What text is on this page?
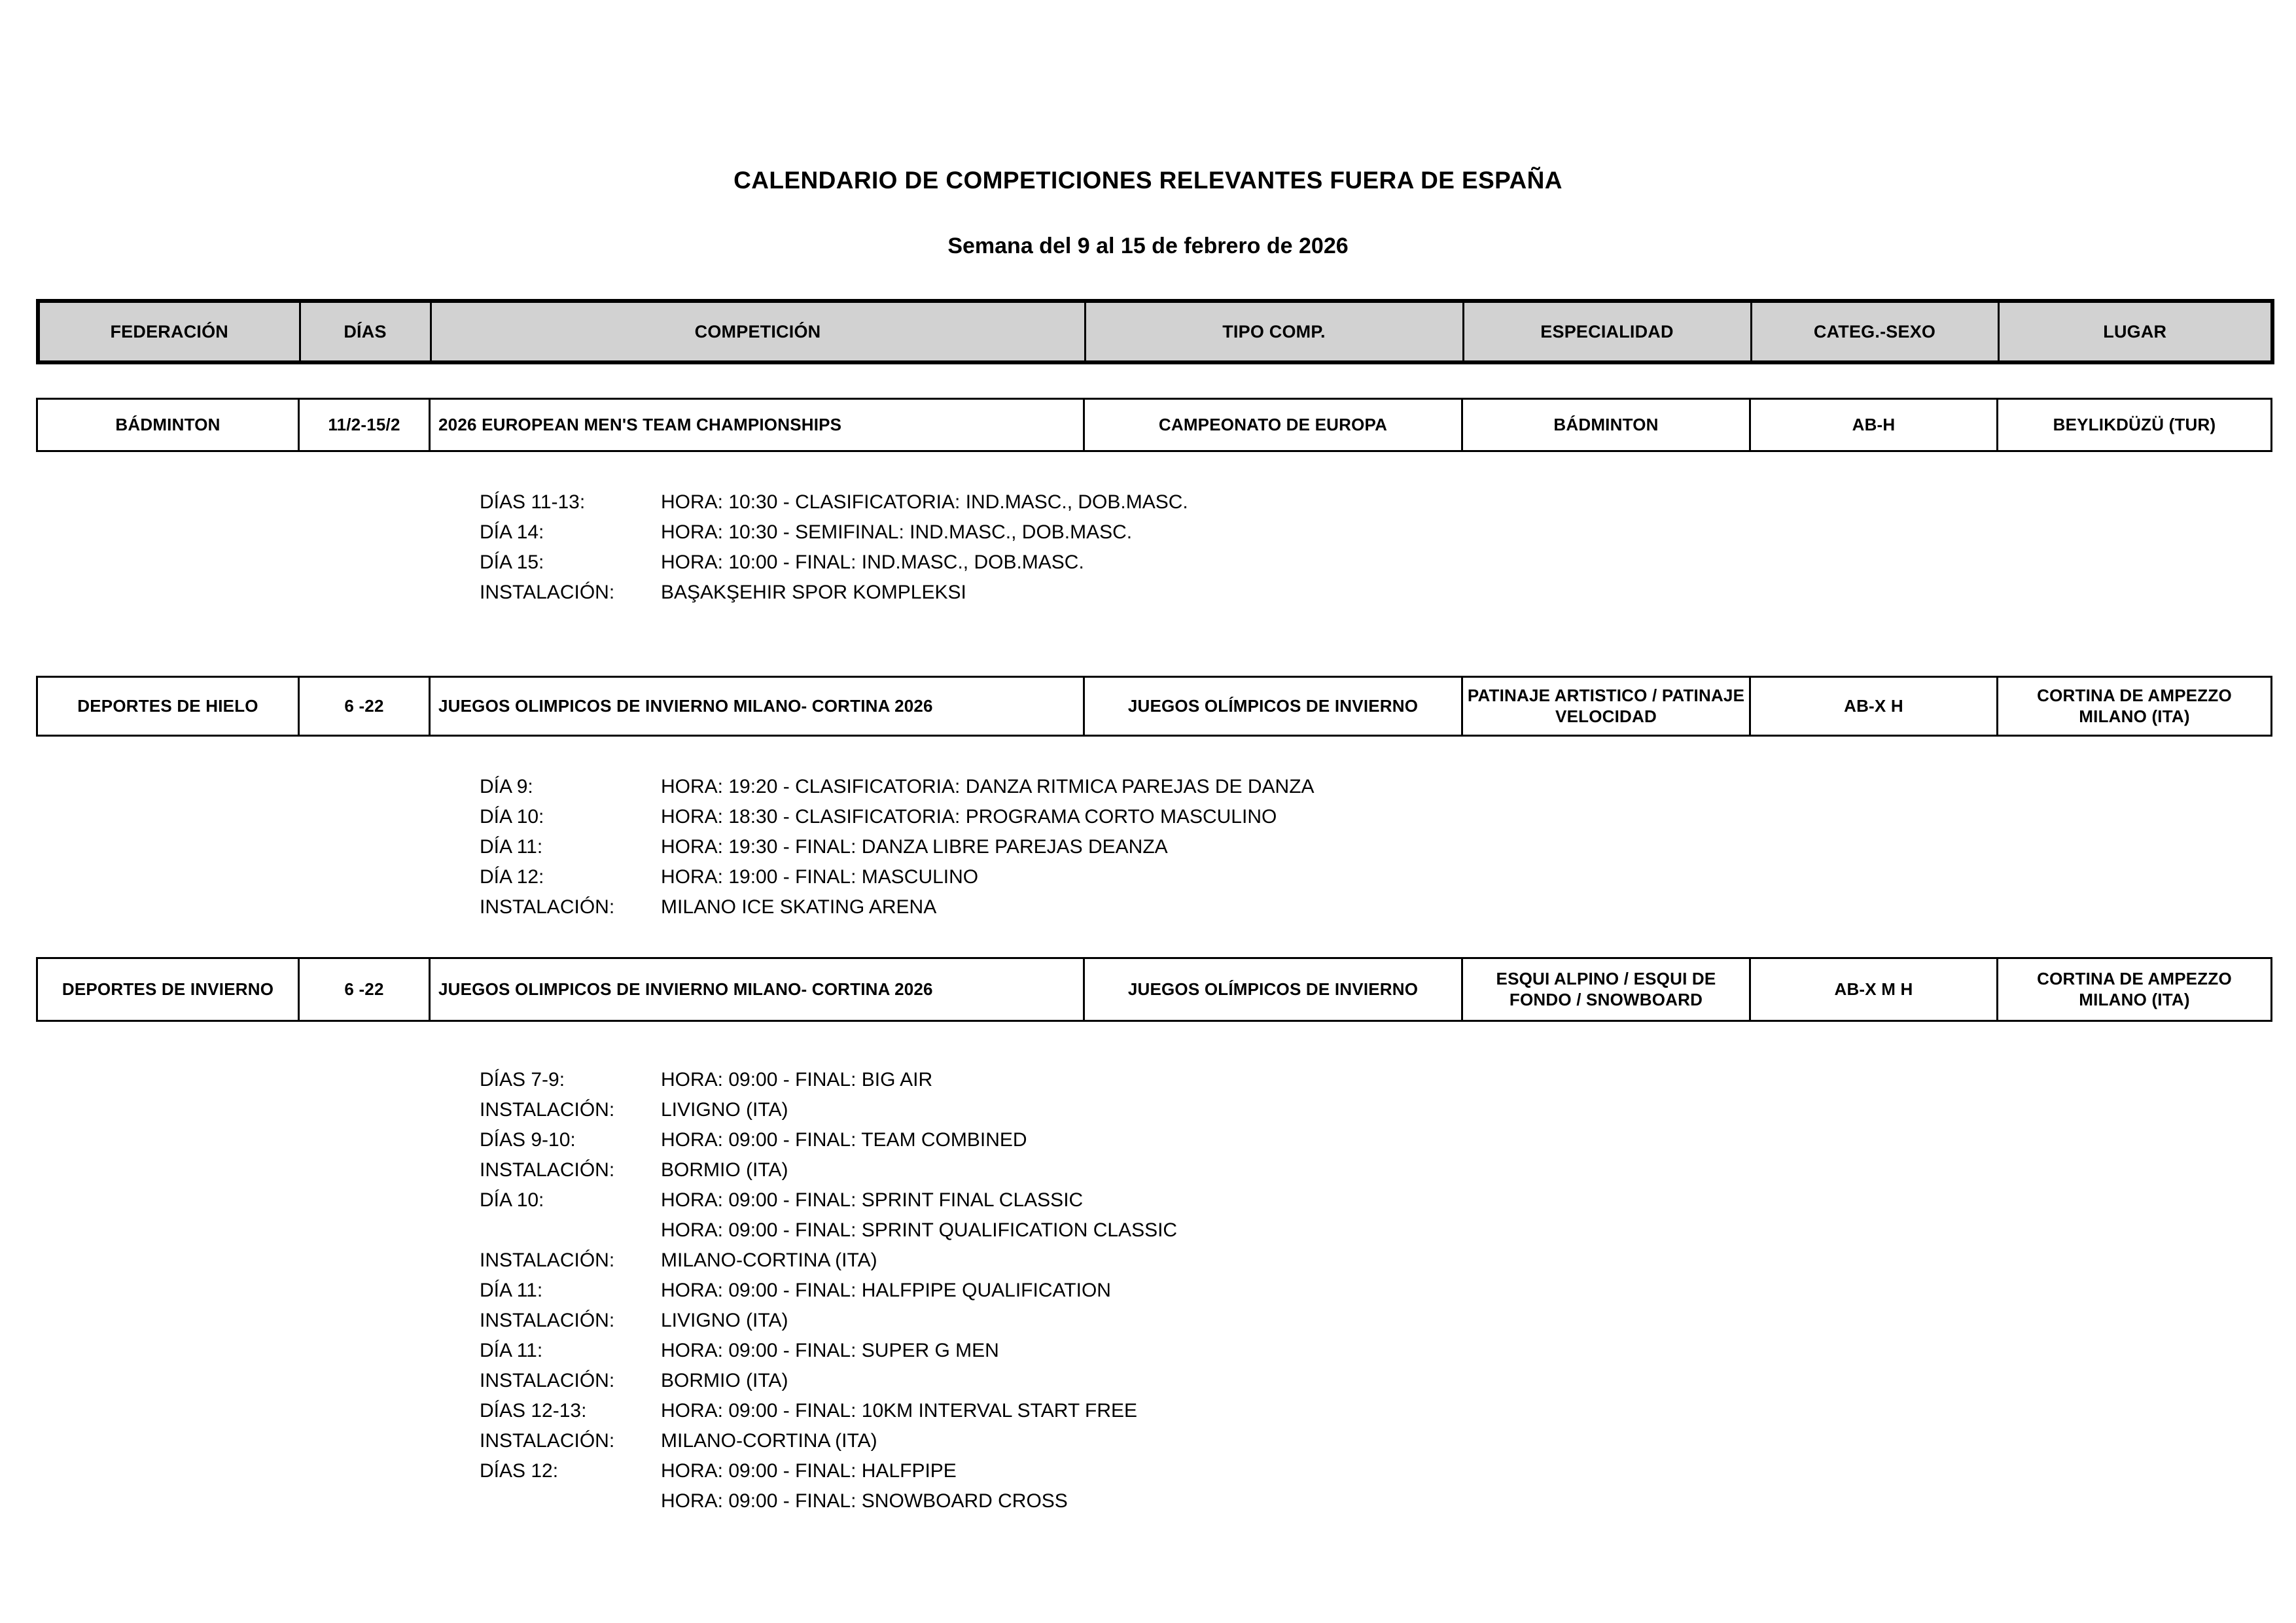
CALENDARIO DE COMPETICIONES RELEVANTES FUERA DE ESPAÑA
Semana del 9 al 15 de febrero de 2026
FEDERACIÓN	DÍAS	COMPETICIÓN	TIPO COMP.	ESPECIALIDAD	CATEG.-SEXO	LUGAR
BÁDMINTON	11/2-15/2	2026 EUROPEAN MEN'S TEAM CHAMPIONSHIPS	CAMPEONATO DE EUROPA	BÁDMINTON	AB-H	BEYLIKDÜZÜ (TUR)
DÍAS 11-13:	HORA: 10:30 - CLASIFICATORIA: IND.MASC., DOB.MASC.
DÍA 14:	HORA: 10:30 - SEMIFINAL: IND.MASC., DOB.MASC.
DÍA 15:	HORA: 10:00 - FINAL: IND.MASC., DOB.MASC.
INSTALACIÓN: BAŞAKŞEHIR SPOR KOMPLEKSI
DEPORTES DE HIELO	6 -22	JUEGOS OLIMPICOS DE INVIERNO MILANO- CORTINA 2026	JUEGOS OLÍMPICOS DE INVIERNO	PATINAJE ARTISTICO / PATINAJE VELOCIDAD	AB-X H	CORTINA DE AMPEZZO MILANO (ITA)
DÍA 9:	HORA: 19:20 - CLASIFICATORIA: DANZA RITMICA PAREJAS DE DANZA
DÍA 10:	HORA: 18:30 - CLASIFICATORIA: PROGRAMA CORTO MASCULINO
DÍA 11:	HORA: 19:30 - FINAL: DANZA LIBRE PAREJAS DEANZA
DÍA 12:	HORA: 19:00 - FINAL: MASCULINO
INSTALACIÓN: MILANO ICE SKATING ARENA
DEPORTES DE INVIERNO	6 -22	JUEGOS OLIMPICOS DE INVIERNO MILANO- CORTINA 2026	JUEGOS OLÍMPICOS DE INVIERNO	ESQUI ALPINO / ESQUI DE FONDO / SNOWBOARD	AB-X M H	CORTINA DE AMPEZZO MILANO (ITA)
DÍAS 7-9:	HORA: 09:00 - FINAL: BIG AIR
INSTALACIÓN: LIVIGNO (ITA)
DÍAS 9-10:	HORA: 09:00 - FINAL: TEAM COMBINED
INSTALACIÓN: BORMIO (ITA)
DÍA 10:	HORA: 09:00 - FINAL: SPRINT FINAL CLASSIC
HORA: 09:00 - FINAL: SPRINT QUALIFICATION CLASSIC
INSTALACIÓN: MILANO-CORTINA (ITA)
DÍA 11:	HORA: 09:00 - FINAL: HALFPIPE QUALIFICATION
INSTALACIÓN: LIVIGNO (ITA)
DÍA 11:	HORA: 09:00 - FINAL: SUPER G MEN
INSTALACIÓN: BORMIO (ITA)
DÍAS 12-13:	HORA: 09:00 - FINAL: 10KM INTERVAL START FREE
INSTALACIÓN: MILANO-CORTINA (ITA)
DÍAS 12:	HORA: 09:00 - FINAL: HALFPIPE
HORA: 09:00 - FINAL: SNOWBOARD CROSS
